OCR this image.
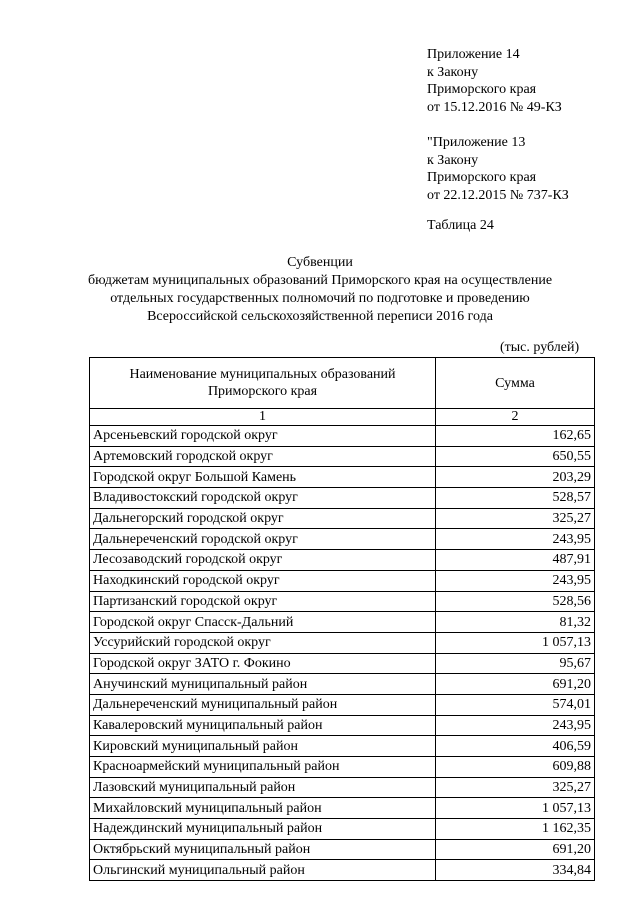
Приложение 14
к Закону
Приморского края
от 15.12.2016 № 49-КЗ
"Приложение 13
к Закону
Приморского края
от 22.12.2015 № 737-КЗ
Таблица 24
Субвенции
бюджетам муниципальных образований Приморского края на осуществление
отдельных государственных полномочий по подготовке и проведению
Всероссийской сельскохозяйственной переписи 2016 года
(тыс. рублей)
Наименование муниципальных образований Приморского края	Сумма
1	2
Арсеньевский городской округ	162,65
Артемовский городской округ	650,55
Городской округ Большой Камень	203,29
Владивостокский городской округ	528,57
Дальнегорский городской округ	325,27
Дальнереченский городской округ	243,95
Лесозаводский городской округ	487,91
Находкинский городской округ	243,95
Партизанский городской округ	528,56
Городской округ Спасск-Дальний	81,32
Уссурийский городской округ	1 057,13
Городской округ ЗАТО г. Фокино	95,67
Анучинский муниципальный район	691,20
Дальнереченский муниципальный район	574,01
Кавалеровский муниципальный район	243,95
Кировский муниципальный район	406,59
Красноармейский муниципальный район	609,88
Лазовский муниципальный район	325,27
Михайловский муниципальный район	1 057,13
Надеждинский муниципальный район	1 162,35
Октябрьский муниципальный район	691,20
Ольгинский муниципальный район	334,84
